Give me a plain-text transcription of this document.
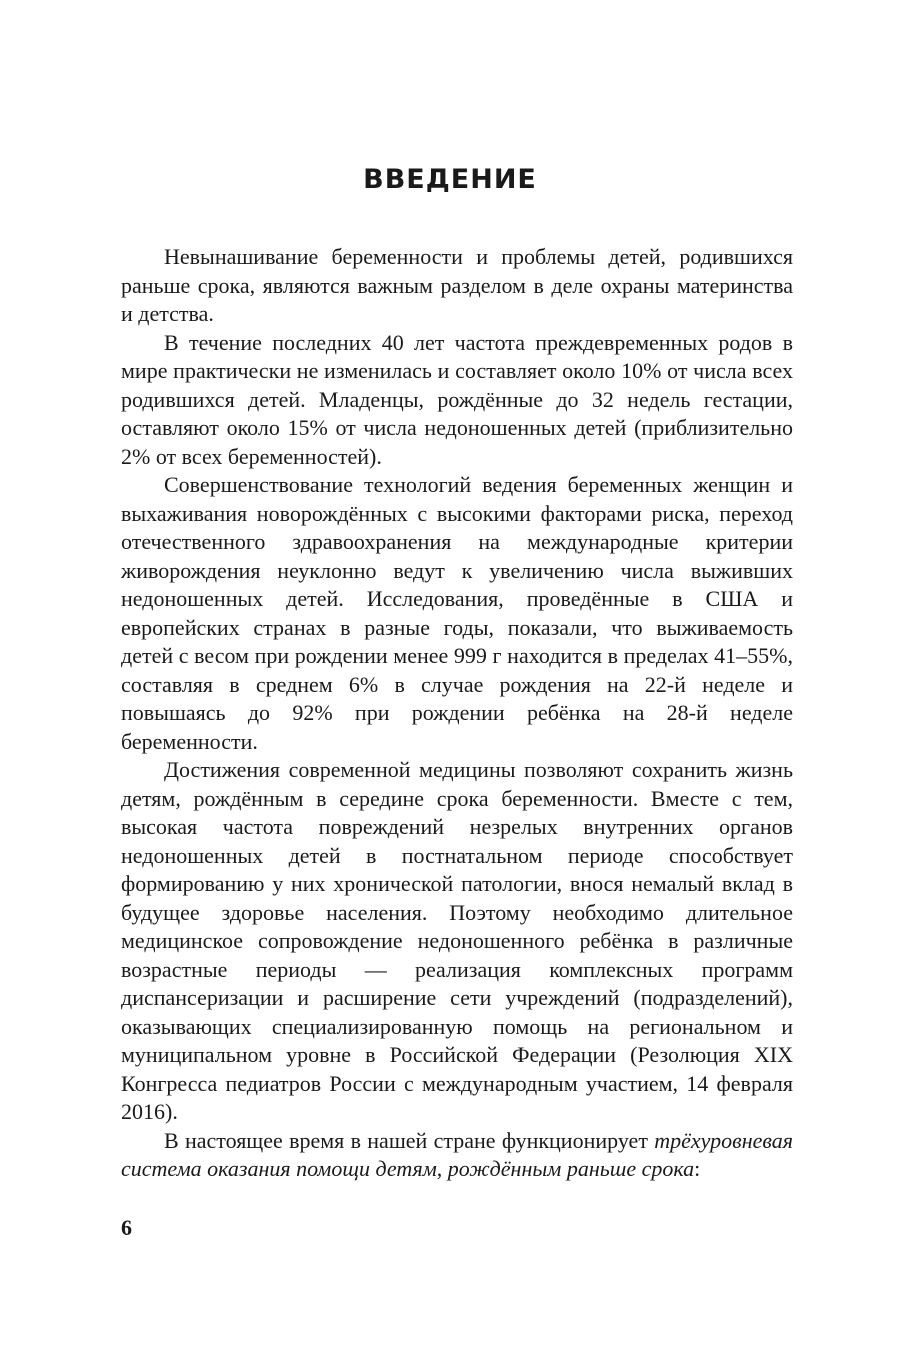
ВВЕДЕНИЕ

Невынашивание беременности и проблемы детей, родившихся раньше срока, являются важным разделом в деле охраны материнства и детства.

В течение последних 40 лет частота преждевременных родов в мире практически не изменилась и составляет около 10% от числа всех родившихся детей. Младенцы, рождённые до 32 недель гестации, оставляют около 15% от числа недоношенных детей (приблизительно 2% от всех беременностей).

Совершенствование технологий ведения беременных женщин и выхаживания новорождённых с высокими факторами риска, переход отечественного здравоохранения на международные критерии живорождения неуклонно ведут к увеличению числа выживших недоношенных детей. Исследования, проведённые в США и европейских странах в разные годы, показали, что выживаемость детей с весом при рождении менее 999 г находится в пределах 41–55%, составляя в среднем 6% в случае рождения на 22-й неделе и повышаясь до 92% при рождении ребёнка на 28-й неделе беременности.

Достижения современной медицины позволяют сохранить жизнь детям, рождённым в середине срока беременности. Вместе с тем, высокая частота повреждений незрелых внутренних органов недоношенных детей в постнатальном периоде способствует формированию у них хронической патологии, внося немалый вклад в будущее здоровье населения. Поэтому необходимо длительное медицинское сопровождение недоношенного ребёнка в различные возрастные периоды — реализация комплексных программ диспансеризации и расширение сети учреждений (подразделений), оказывающих специализированную помощь на региональном и муниципальном уровне в Российской Федерации (Резолюция XIX Конгресса педиатров России с международным участием, 14 февраля 2016).

В настоящее время в нашей стране функционирует трёхуровневая система оказания помощи детям, рождённым раньше срока:

6
